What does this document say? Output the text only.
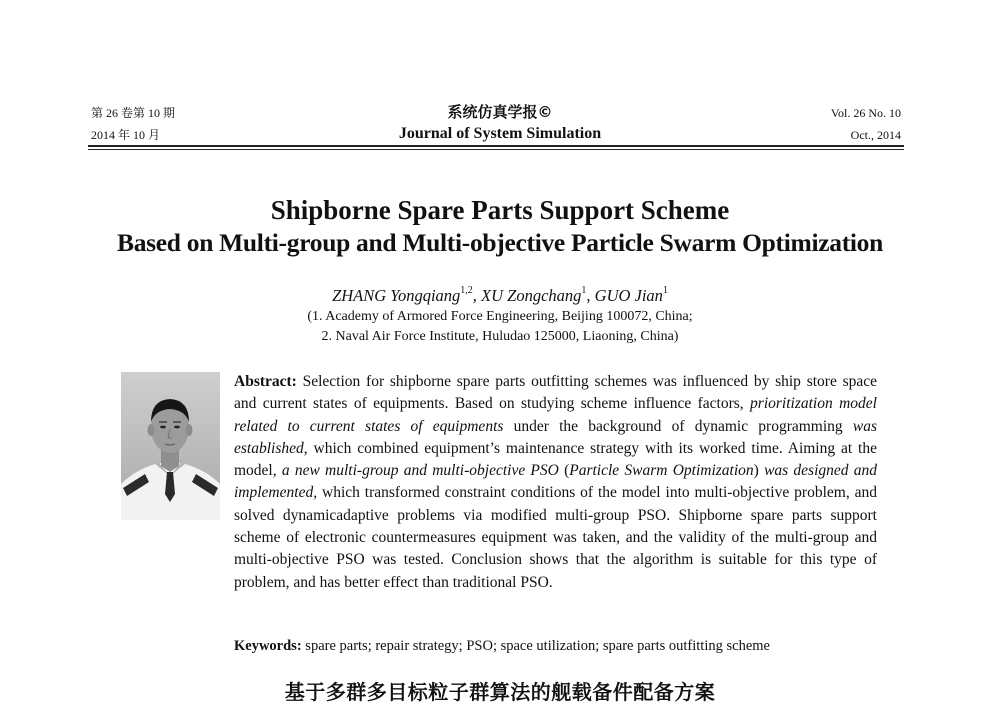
第 26 卷第 10 期
2014 年 10 月
系统仿真学报©
Journal of System Simulation
Vol. 26 No. 10
Oct., 2014
Shipborne Spare Parts Support Scheme
Based on Multi-group and Multi-objective Particle Swarm Optimization
ZHANG Yongqiang$^{1,2}$, XU Zongchang$^1$, GUO Jian$^1$
(1. Academy of Armored Force Engineering, Beijing 100072, China;
2. Naval Air Force Institute, Huludao 125000, Liaoning, China)
Abstract: Selection for shipborne spare parts outfitting schemes was influenced by ship store space and current states of equipments. Based on studying scheme influence factors, prioritization model related to current states of equipments under the background of dynamic programming was established, which combined equipment’s maintenance strategy with its worked time. Aiming at the model, a new multi-group and multi-objective PSO (Particle Swarm Optimization) was designed and implemented, which transformed constraint conditions of the model into multi-objective problem, and solved dynamicadaptive problems via modified multi-group PSO. Shipborne spare parts support scheme of electronic countermeasures equipment was taken, and the validity of the multi-group and multi-objective PSO was tested. Conclusion shows that the algorithm is suitable for this type of problem, and has better effect than traditional PSO.
Keywords: spare parts; repair strategy; PSO; space utilization; spare parts outfitting scheme
基于多群多目标粒子群算法的舰载备件配备方案
